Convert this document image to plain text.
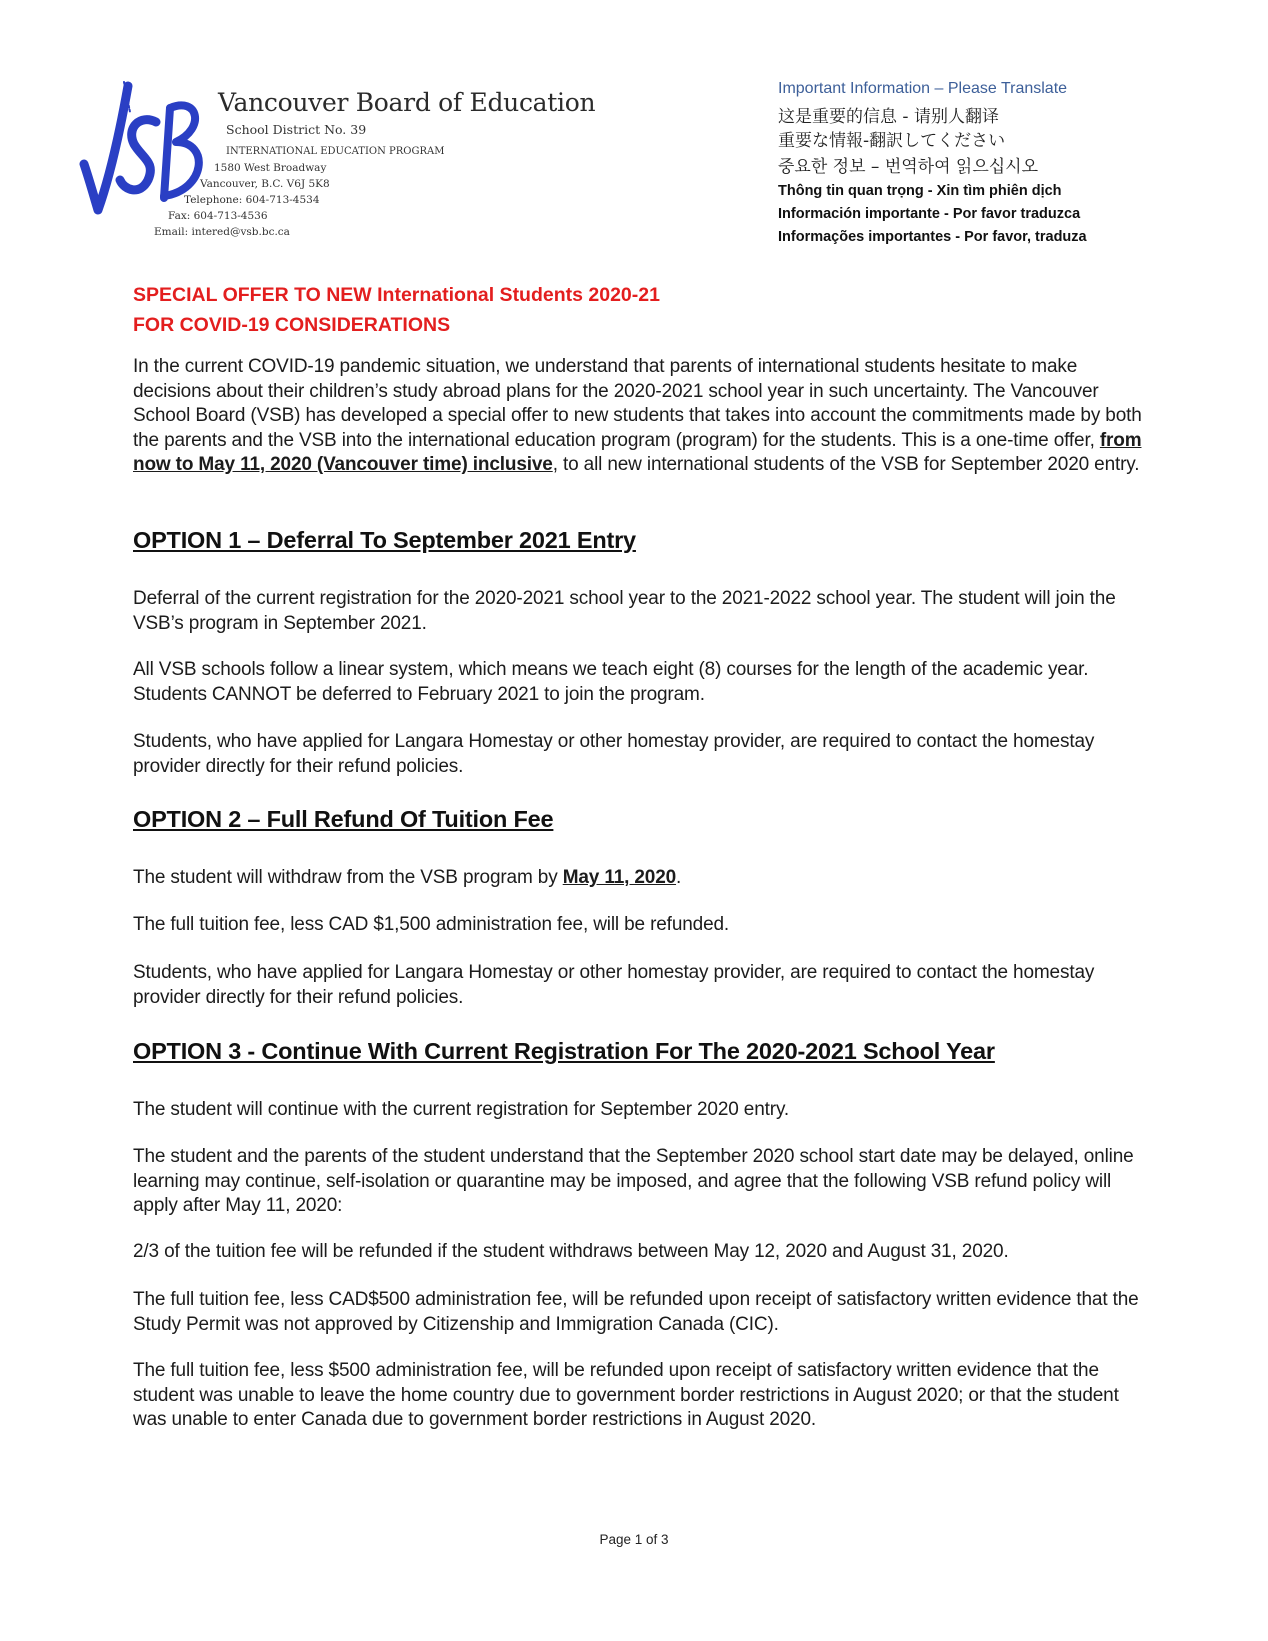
Vancouver Board of Education
School District No. 39
INTERNATIONAL EDUCATION PROGRAM
1580 West Broadway
Vancouver, B.C. V6J 5K8
Telephone: 604-713-4534
Fax: 604-713-4536
Email: intered@vsb.bc.ca
Important Information – Please Translate
这是重要的信息 - 请别人翻译
重要な情報-翻訳してください
중요한 정보 – 번역하여 읽으십시오
Thông tin quan trọng - Xin tìm phiên dịch
Información importante - Por favor traduzca
Informações importantes - Por favor, traduza
SPECIAL OFFER TO NEW International Students 2020-21
FOR COVID-19 CONSIDERATIONS
In the current COVID-19 pandemic situation, we understand that parents of international students hesitate to make decisions about their children’s study abroad plans for the 2020-2021 school year in such uncertainty. The Vancouver School Board (VSB) has developed a special offer to new students that takes into account the commitments made by both the parents and the VSB into the international education program (program) for the students. This is a one-time offer, from now to May 11, 2020 (Vancouver time) inclusive, to all new international students of the VSB for September 2020 entry.
OPTION 1 – Deferral To September 2021 Entry
Deferral of the current registration for the 2020-2021 school year to the 2021-2022 school year. The student will join the VSB’s program in September 2021.
All VSB schools follow a linear system, which means we teach eight (8) courses for the length of the academic year. Students CANNOT be deferred to February 2021 to join the program.
Students, who have applied for Langara Homestay or other homestay provider, are required to contact the homestay provider directly for their refund policies.
OPTION 2 – Full Refund Of Tuition Fee
The student will withdraw from the VSB program by May 11, 2020.
The full tuition fee, less CAD $1,500 administration fee, will be refunded.
Students, who have applied for Langara Homestay or other homestay provider, are required to contact the homestay provider directly for their refund policies.
OPTION 3 - Continue With Current Registration For The 2020-2021 School Year
The student will continue with the current registration for September 2020 entry.
The student and the parents of the student understand that the September 2020 school start date may be delayed, online learning may continue, self-isolation or quarantine may be imposed, and agree that the following VSB refund policy will apply after May 11, 2020:
2/3 of the tuition fee will be refunded if the student withdraws between May 12, 2020 and August 31, 2020.
The full tuition fee, less CAD$500 administration fee, will be refunded upon receipt of satisfactory written evidence that the Study Permit was not approved by Citizenship and Immigration Canada (CIC).
The full tuition fee, less $500 administration fee, will be refunded upon receipt of satisfactory written evidence that the student was unable to leave the home country due to government border restrictions in August 2020; or that the student was unable to enter Canada due to government border restrictions in August 2020.
Page 1 of 3
